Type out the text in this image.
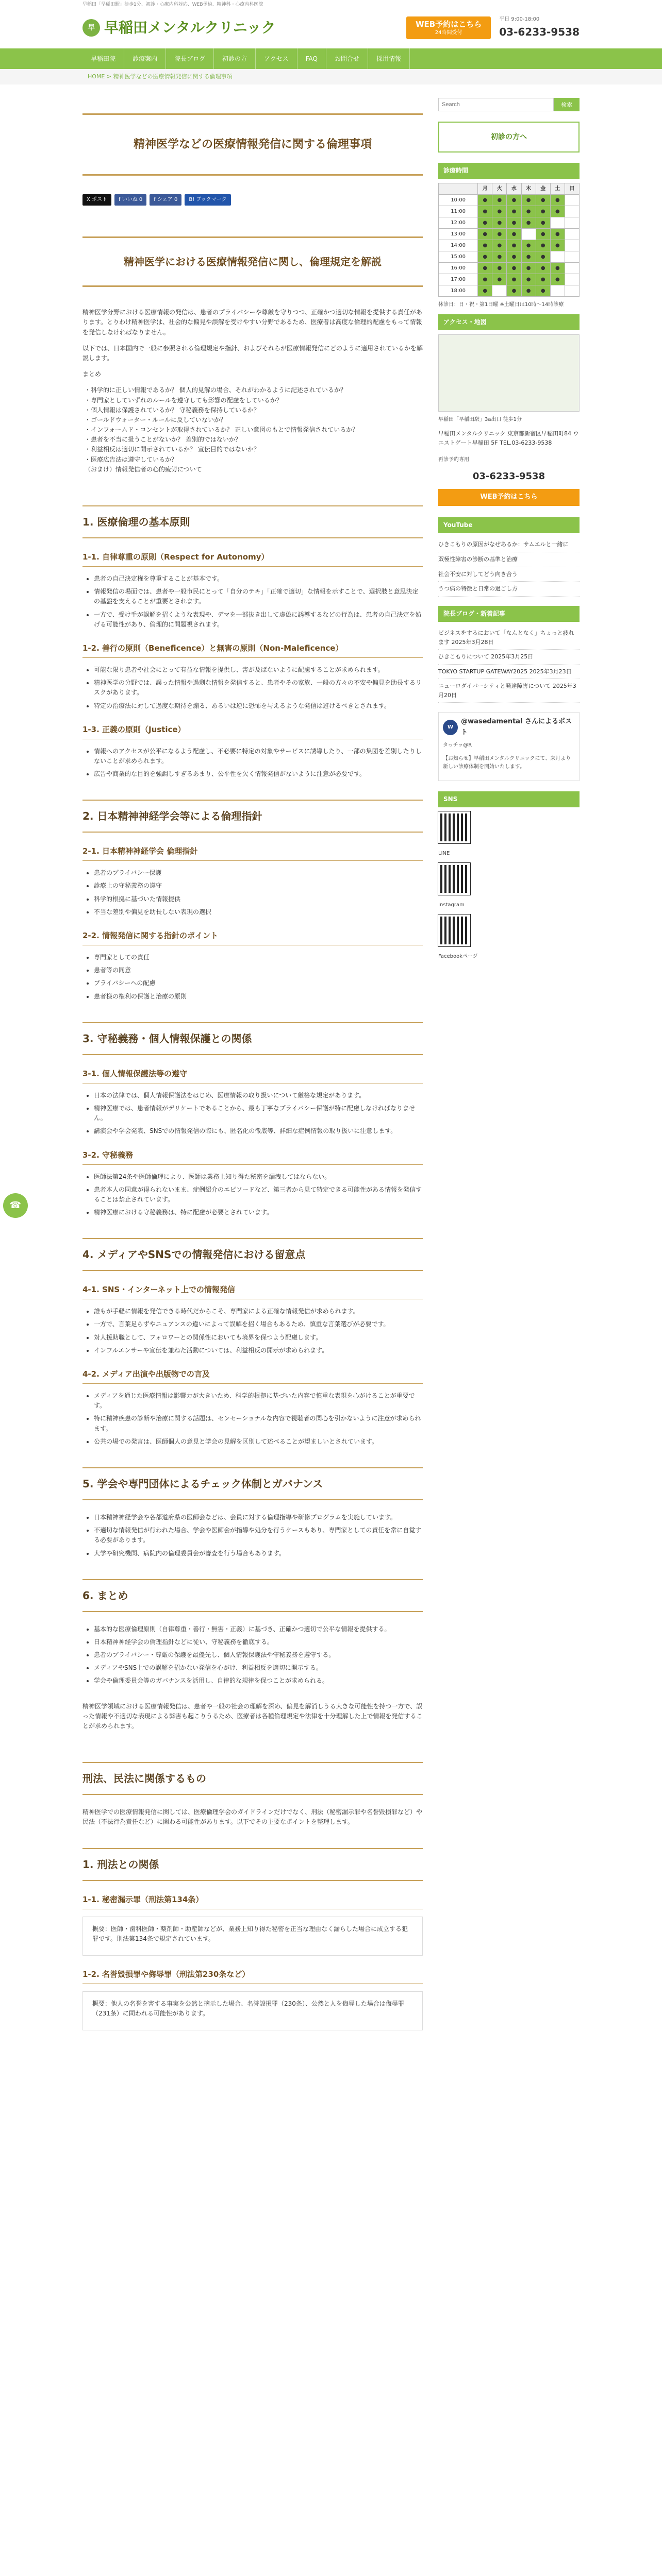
早稲田「早稲田駅」徒歩1分、初診・心療内科対応、WEB予約、精神科・心療内科医院
早 早稲田メンタルクリニック	WEB予約はこちら
24時間受付
平日 9:00-18:00
03-6233-9538
早稲田院	診療案内	院長ブログ	初診の方	アクセス	FAQ	お問合せ	採用情報
HOME > 精神医学などの医療情報発信に関する倫理事項
精神医学などの医療情報発信に関する倫理事項
X ポスト	f いいね 0	f シェア 0	B! ブックマーク
精神医学における医療情報発信に関し、倫理規定を解説

精神医学分野における医療情報の発信は、患者のプライバシーや尊厳を守りつつ、正確かつ適切な情報を提供する責任があります。とりわけ精神医学は、社会的な偏見や誤解を受けやすい分野であるため、医療者は高度な倫理的配慮をもって情報を発信しなければなりません。

以下では、日本国内で一般に参照される倫理規定や指針、およびそれらが医療情報発信にどのように適用されているかを解説します。

まとめ

・科学的に正しい情報であるか？ 個人的見解の場合、それがわかるように記述されているか？
・専門家としていずれのルールを遵守しても影響の配慮をしているか？
・個人情報は保護されているか？ 守秘義務を保持しているか？
・ゴールドウォーター・ルールに反していないか？
・インフォームド・コンセントが取得されているか？ 正しい意図のもとで情報発信されているか？
・患者を不当に扱うことがないか？ 差別的ではないか？
・利益相反は適切に開示されているか？ 宣伝目的ではないか？
・医療広告法は遵守しているか？
（おまけ）情報発信者の心的疲労について
1. 医療倫理の基本原則
1-1. 自律尊重の原則（Respect for Autonomy）
• 患者の自己決定権を尊重することが基本です。
• 情報発信の場面では、患者や一般市民にとって「自分のテキ」「正確で適切」な情報を示すことで、選択肢と意思決定の基盤を支えることが重要とされます。
• 一方で、受け手が誤解を招くような表現や、デマを一部抜き出して虚偽に誘導するなどの行為は、患者の自己決定を妨げる可能性があり、倫理的に問題視されます。
1-2. 善行の原則（Beneficence）と無害の原則（Non-Maleficence）
• 可能な限り患者や社会にとって有益な情報を提供し、害が及ばないように配慮することが求められます。
• 精神医学の分野では、誤った情報や過剰な情報を発信すると、患者やその家族、一般の方々の不安や偏見を助長するリスクがあります。
• 特定の治療法に対して過度な期待を煽る、あるいは逆に恐怖を与えるような発信は避けるべきとされます。
1-3. 正義の原則（Justice）
• 情報へのアクセスが公平になるよう配慮し、不必要に特定の対象やサービスに誘導したり、一部の集団を差別したりしないことが求められます。
• 広告や商業的な目的を強調しすぎるあまり、公平性を欠く情報発信がないように注意が必要です。
2. 日本精神神経学会等による倫理指針
2-1. 日本精神神経学会 倫理指針
• 患者のプライバシー保護
• 診療上の守秘義務の遵守
• 科学的根拠に基づいた情報提供
• 不当な差別や偏見を助長しない表現の選択
2-2. 情報発信に関する指針のポイント
• 専門家としての責任
• 患者等の同意
• プライバシーへの配慮
• 患者様の権利の保護と治療の原則
3. 守秘義務・個人情報保護との関係
3-1. 個人情報保護法等の遵守
• 日本の法律では、個人情報保護法をはじめ、医療情報の取り扱いについて厳格な規定があります。
• 精神医療では、患者情報がデリケートであることから、最も丁寧なプライバシー保護が特に配慮しなければなりません。
• 講演会や学会発表、SNSでの情報発信の際にも、匿名化の徹底等、詳細な症例情報の取り扱いに注意します。
3-2. 守秘義務
• 医師法第24条や医師倫理により、医師は業務上知り得た秘密を漏洩してはならない。
• 患者本人の同意が得られないまま、症例紹介のエピソードなど、第三者から見て特定できる可能性がある情報を発信することは禁止されています。
• 精神医療における守秘義務は、特に配慮が必要とされています。
4. メディアやSNSでの情報発信における留意点
4-1. SNS・インターネット上での情報発信
• 誰もが手軽に情報を発信できる時代だからこそ、専門家による正確な情報発信が求められます。
• 一方で、言葉足らずやニュアンスの違いによって誤解を招く場合もあるため、慎重な言葉選びが必要です。
• 対人援助職として、フォロワーとの関係性においても境界を保つよう配慮します。
• インフルエンサーや宣伝を兼ねた活動については、利益相反の開示が求められます。
4-2. メディア出演や出版物での言及
• メディアを通じた医療情報は影響力が大きいため、科学的根拠に基づいた内容で慎重な表現を心がけることが重要です。
• 特に精神疾患の診断や治療に関する話題は、センセーショナルな内容で視聴者の関心を引かないように注意が求められます。
• 公共の場での発言は、医師個人の意見と学会の見解を区別して述べることが望ましいとされています。
5. 学会や専門団体によるチェック体制とガバナンス
• 日本精神神経学会や各都道府県の医師会などは、会員に対する倫理指導や研修プログラムを実施しています。
• 不適切な情報発信が行われた場合、学会や医師会が指導や処分を行うケースもあり、専門家としての責任を常に自覚する必要があります。
• 大学や研究機関、病院内の倫理委員会が審査を行う場合もあります。
6. まとめ
• 基本的な医療倫理原則（自律尊重・善行・無害・正義）に基づき、正確かつ適切で公平な情報を提供する。
• 日本精神神経学会の倫理指針などに従い、守秘義務を徹底する。
• 患者のプライバシー・尊厳の保護を最優先し、個人情報保護法や守秘義務を遵守する。
• メディアやSNS上での誤解を招かない発信を心がけ、利益相反を適切に開示する。
• 学会や倫理委員会等のガバナンスを活用し、自律的な規律を保つことが求められる。

精神医学領域における医療情報発信は、患者や一般の社会の理解を深め、偏見を解消しうる大きな可能性を持つ一方で、誤った情報や不適切な表現による弊害も起こりうるため、医療者は各種倫理規定や法律を十分理解した上で情報を発信することが求められます。

刑法、民法に関係するもの

精神医学での医療情報発信に関しては、医療倫理学会のガイドラインだけでなく、刑法（秘密漏示罪や名誉毀損罪など）や民法（不法行為責任など）に関わる可能性があります。以下でその主要なポイントを整理します。

1. 刑法との関係
1-1. 秘密漏示罪（刑法第134条）

概要：医師・歯科医師・薬剤師・助産師などが、業務上知り得た秘密を正当な理由なく漏らした場合に成立する犯罪です。刑法第134条で規定されています。

1-2. 名誉毀損罪や侮辱罪（刑法第230条など）

概要：他人の名誉を害する事実を公然と摘示した場合、名誉毀損罪（230条）、公然と人を侮辱した場合は侮辱罪（231条）に問われる可能性があります。

Search
検索
初診の方へ
診療時間
	月	火	水	木	金	土	日
10:00	●	●	●	●	●	●	
11:00	●	●	●	●	●	●	
12:00	●	●	●	●	●		
13:00	●	●	●		●	●	
14:00	●	●	●	●	●	●	
15:00	●	●	●	●	●		
16:00	●	●	●	●	●	●	
17:00	●	●	●	●	●	●	
18:00	●		●	●	●		

休診日：日・祝・第1日曜 ※土曜日は10時〜14時診療

アクセス・地図

早稲田「早稲田駅」3a出口 徒歩1分

早稲田メンタルクリニック 東京都新宿区早稲田町84 ウエストゲート早稲田 5F TEL.03-6233-9538

再診予約専用

03-6233-9538
WEB予約はこちら
YouTube
ひきこもりの原因がなぜあるか：サムエルと一緒に
双極性障害の診断の基準と治療
社会不安に対してどう向き合う
うつ病の特徴と日常の過ごし方
院長ブログ・新着記事
ビジネスをするにおいて「なんとなく」ちょっと疲れます 2025年3月28日
ひきこもりについて 2025年3月25日
TOKYO STARTUP GATEWAY2025 2025年3月23日
ニューロダイバーシティと発達障害について 2025年3月20日
W
@wasedamental さんによるポスト

タっチッ@R

【お知らせ】早稲田メンタルクリニックにて、来月より新しい診療体制を開始いたします。

SNS

LINE

Instagram

Facebookページ

☎
